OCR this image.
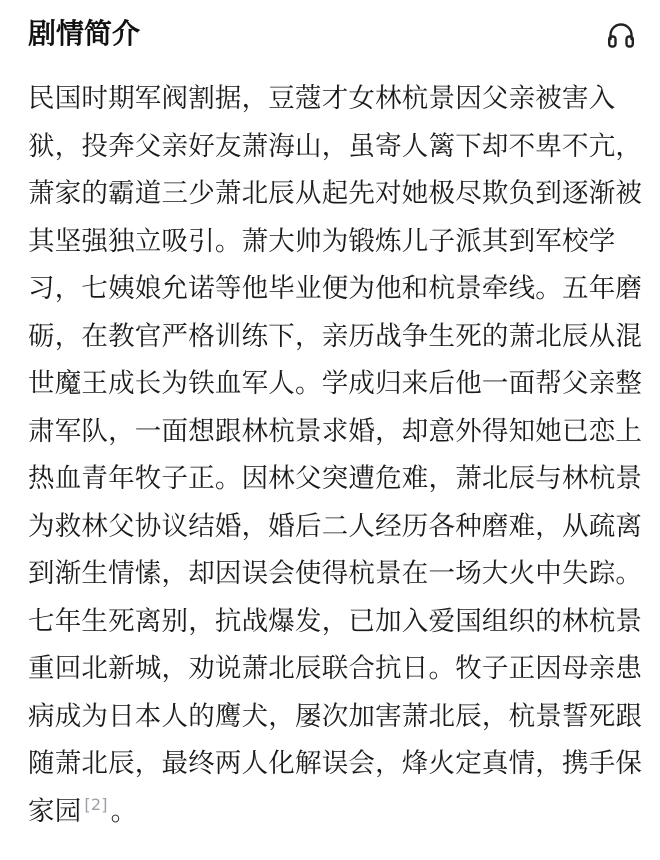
剧情简介

民国时期军阀割据，豆蔻才女林杭景因父亲被害入狱，投奔父亲好友萧海山，虽寄人篱下却不卑不亢，萧家的霸道三少萧北辰从起先对她极尽欺负到逐渐被其坚强独立吸引。萧大帅为锻炼儿子派其到军校学习，七姨娘允诺等他毕业便为他和杭景牵线。五年磨砺，在教官严格训练下，亲历战争生死的萧北辰从混世魔王成长为铁血军人。学成归来后他一面帮父亲整肃军队，一面想跟林杭景求婚，却意外得知她已恋上热血青年牧子正。因林父突遭危难，萧北辰与林杭景为救林父协议结婚，婚后二人经历各种磨难，从疏离到渐生情愫，却因误会使得杭景在一场大火中失踪。七年生死离别，抗战爆发，已加入爱国组织的林杭景重回北新城，劝说萧北辰联合抗日。牧子正因母亲患病成为日本人的鹰犬，屡次加害萧北辰，杭景誓死跟随萧北辰，最终两人化解误会，烽火定真情，携手保家园 [2] 。
